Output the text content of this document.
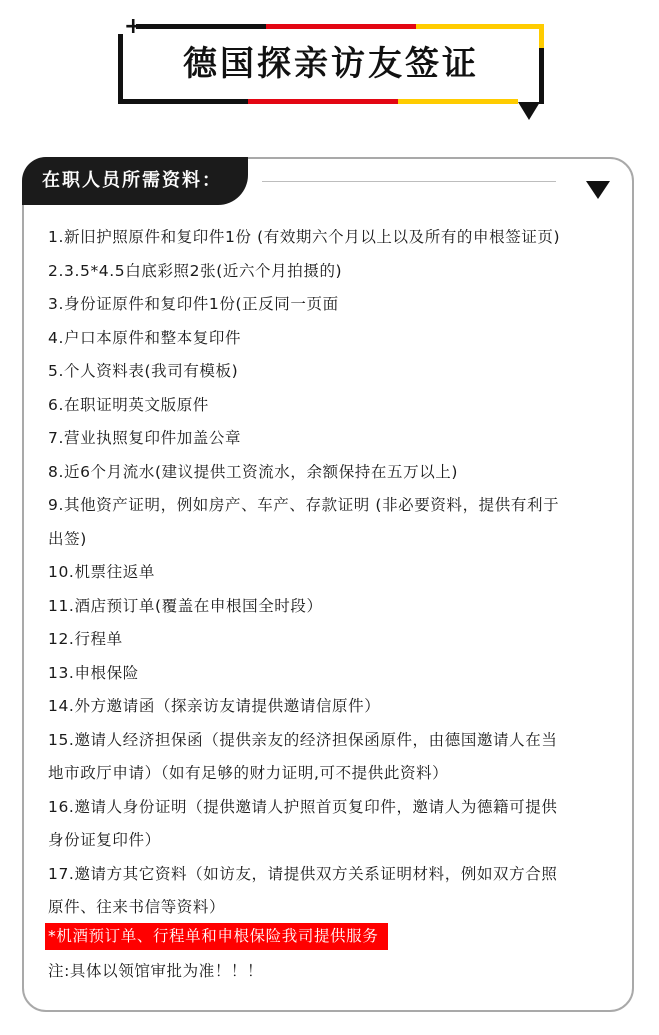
+
德国探亲访友签证
在职人员所需资料：
1.新旧护照原件和复印件1份 (有效期六个月以上以及所有的申根签证页)
2.3.5*4.5白底彩照2张(近六个月拍摄的)
3.身份证原件和复印件1份(正反同一页面
4.户口本原件和整本复印件
5.个人资料表(我司有模板)
6.在职证明英文版原件
7.营业执照复印件加盖公章
8.近6个月流水(建议提供工资流水，余额保持在五万以上)
9.其他资产证明，例如房产、车产、存款证明 (非必要资料，提供有利于
出签)
10.机票往返单
11.酒店预订单(覆盖在申根国全时段）
12.行程单
13.申根保险
14.外方邀请函（探亲访友请提供邀请信原件）
15.邀请人经济担保函（提供亲友的经济担保函原件，由德国邀请人在当
地市政厅申请）（如有足够的财力证明,可不提供此资料）
16.邀请人身份证明（提供邀请人护照首页复印件，邀请人为德籍可提供
身份证复印件）
17.邀请方其它资料（如访友，请提供双方关系证明材料，例如双方合照
原件、往来书信等资料）
*机酒预订单、行程单和申根保险我司提供服务
注:具体以领馆审批为准！！！
